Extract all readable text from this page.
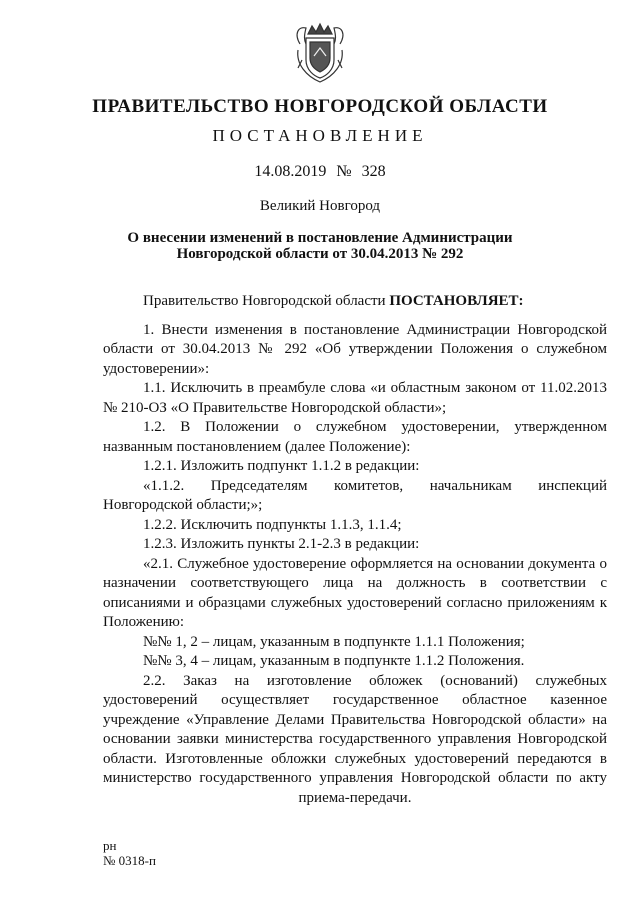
ПРАВИТЕЛЬСТВО НОВГОРОДСКОЙ ОБЛАСТИ
ПОСТАНОВЛЕНИЕ
14.08.2019 № 328
Великий Новгород
О внесении изменений в постановление Администрации
Новгородской области от 30.04.2013 № 292

Правительство Новгородской области ПОСТАНОВЛЯЕТ:

1. Внести изменения в постановление Администрации Новгородской области от 30.04.2013 № 292 «Об утверждении Положения о служебном удостоверении»:

1.1. Исключить в преамбуле слова «и областным законом от 11.02.2013 № 210-ОЗ «О Правительстве Новгородской области»;

1.2. В Положении о служебном удостоверении, утвержденном названным постановлением (далее Положение):

1.2.1. Изложить подпункт 1.1.2 в редакции:

«1.1.2. Председателям комитетов, начальникам инспекций Новгородской области;»;

1.2.2. Исключить подпункты 1.1.3, 1.1.4;

1.2.3. Изложить пункты 2.1-2.3 в редакции:

«2.1. Служебное удостоверение оформляется на основании документа о назначении соответствующего лица на должность в соответствии с описаниями и образцами служебных удостоверений согласно приложениям к Положению:

№№ 1, 2 – лицам, указанным в подпункте 1.1.1 Положения;

№№ 3, 4 – лицам, указанным в подпункте 1.1.2 Положения.

2.2. Заказ на изготовление обложек (оснований) служебных удостоверений осуществляет государственное областное казенное учреждение «Управление Делами Правительства Новгородской области» на основании заявки министерства государственного управления Новгородской области. Изготовленные обложки служебных удостоверений передаются в министерство государственного управления Новгородской области по акту

приема-передачи.

рн
№ 0318-п
